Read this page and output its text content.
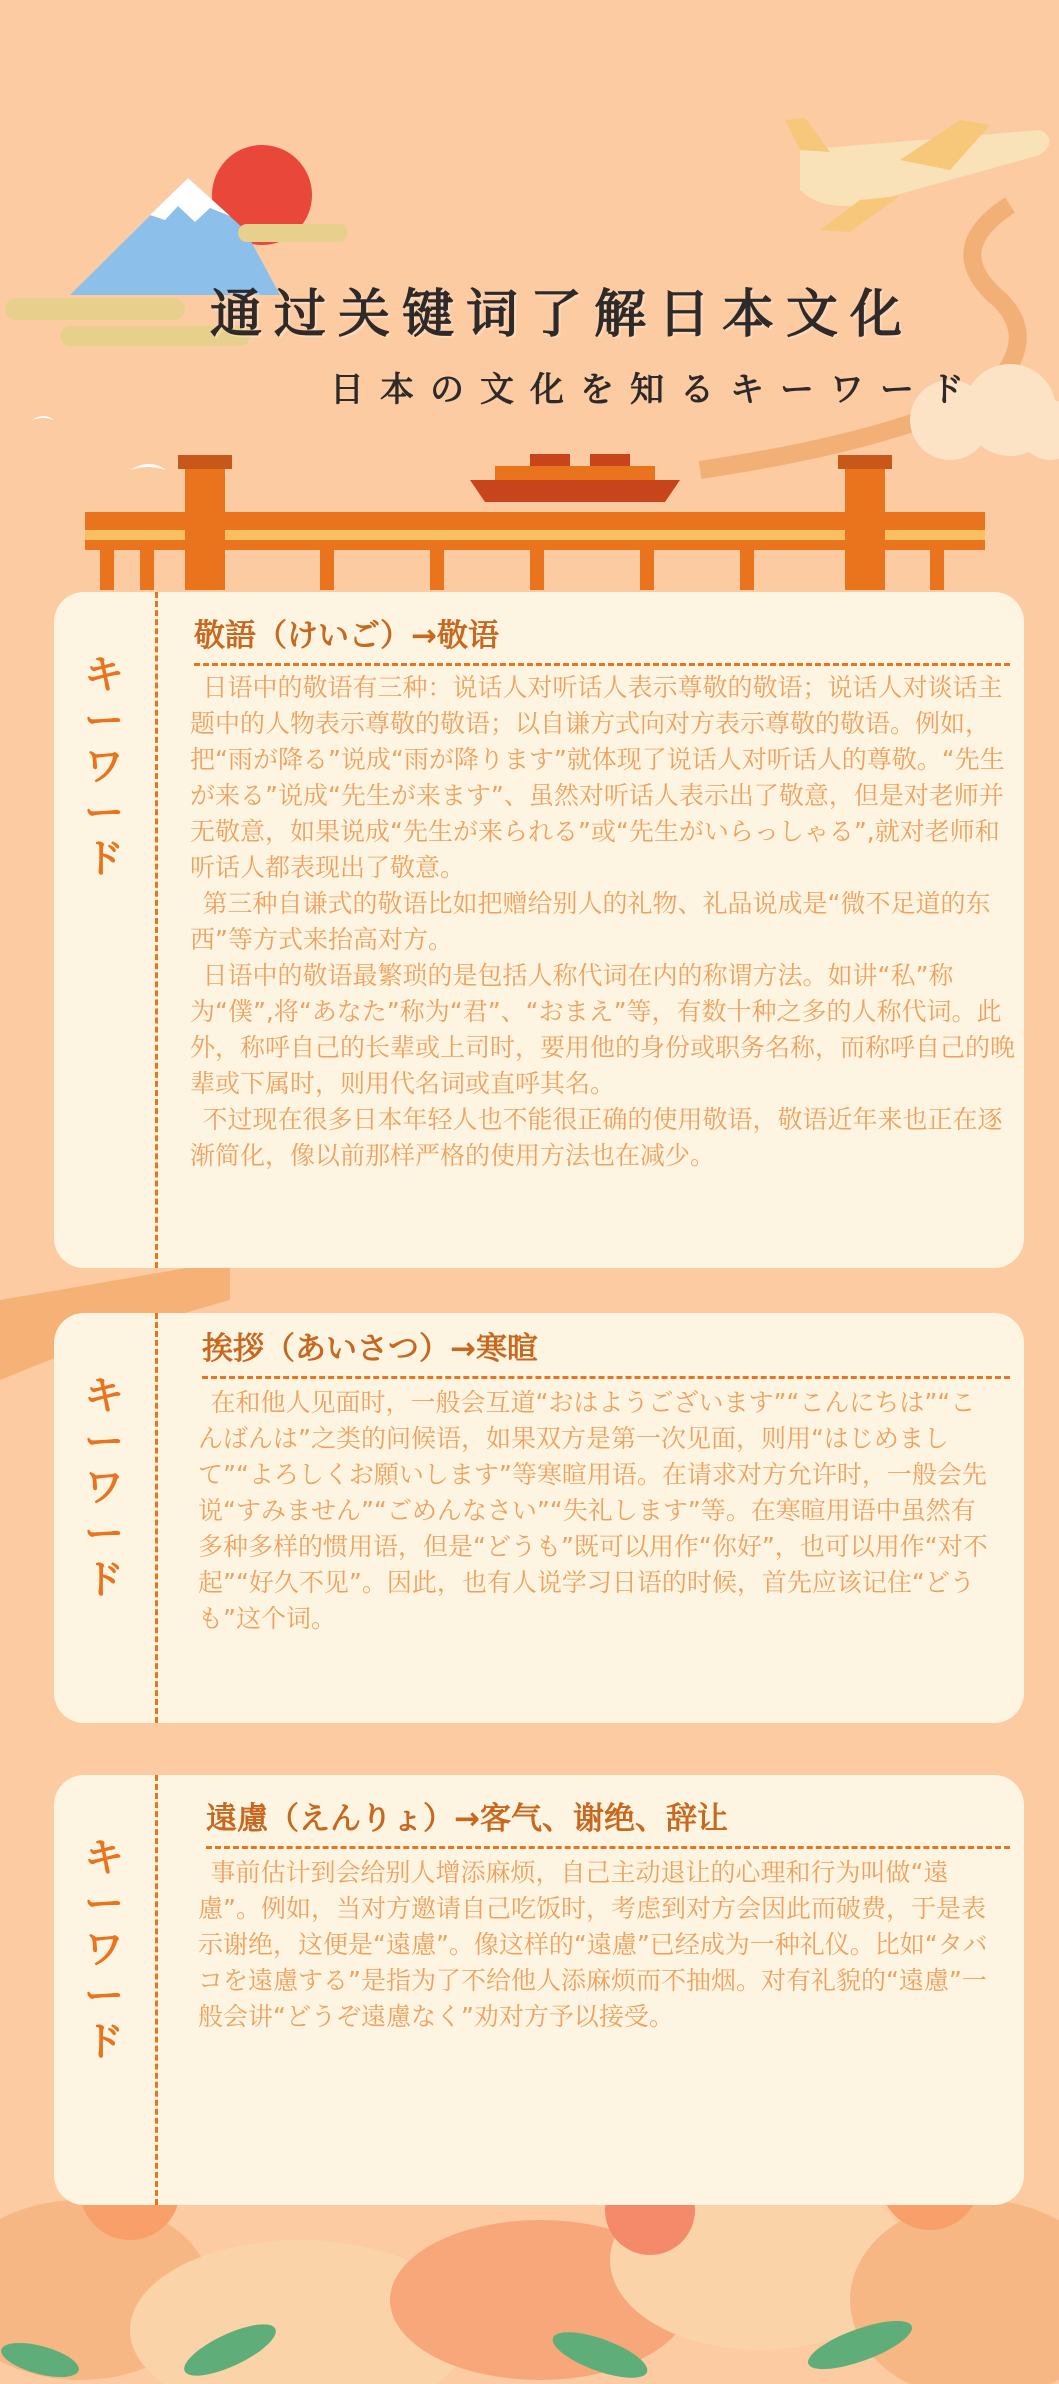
通过关键词了解日本文化
日本の文化を知るキーワード
キ
ー
ワ
ー
ド
敬語（けいご）→敬语

日语中的敬语有三种：说话人对听话人表示尊敬的敬语；说话人对谈话主题中的人物表示尊敬的敬语；以自谦方式向对方表示尊敬的敬语。例如，把“雨が降る”说成“雨が降ります”就体现了说话人对听话人的尊敬。“先生が来る”说成“先生が来ます”、虽然对听话人表示出了敬意，但是对老师并无敬意，如果说成“先生が来られる”或“先生がいらっしゃる”,就对老师和听话人都表现出了敬意。

第三种自谦式的敬语比如把赠给别人的礼物、礼品说成是“微不足道的东西”等方式来抬高对方。

日语中的敬语最繁琐的是包括人称代词在内的称谓方法。如讲“私”称为“僕”,将“あなた”称为“君”、“おまえ”等，有数十种之多的人称代词。此外，称呼自己的长辈或上司时，要用他的身份或职务名称，而称呼自己的晚辈或下属时，则用代名词或直呼其名。

不过现在很多日本年轻人也不能很正确的使用敬语，敬语近年来也正在逐渐简化，像以前那样严格的使用方法也在减少。

キ
ー
ワ
ー
ド
挨拶（あいさつ）→寒暄

在和他人见面时，一般会互道“おはようございます”“こんにちは”“こんばんは”之类的问候语，如果双方是第一次见面，则用“はじめまして”“よろしくお願いします”等寒暄用语。在请求对方允许时，一般会先说“すみません”“ごめんなさい”“失礼します”等。在寒暄用语中虽然有多种多样的惯用语，但是“どうも”既可以用作“你好”，也可以用作“对不起”“好久不见”。因此，也有人说学习日语的时候，首先应该记住“どうも”这个词。

キ
ー
ワ
ー
ド
遠慮（えんりょ）→客气、谢绝、辞让

事前估计到会给别人增添麻烦，自己主动退让的心理和行为叫做“遠慮”。例如，当对方邀请自己吃饭时，考虑到对方会因此而破费，于是表示谢绝，这便是“遠慮”。像这样的“遠慮”已经成为一种礼仪。比如“タバコを遠慮する”是指为了不给他人添麻烦而不抽烟。对有礼貌的“遠慮”一般会讲“どうぞ遠慮なく”劝对方予以接受。
